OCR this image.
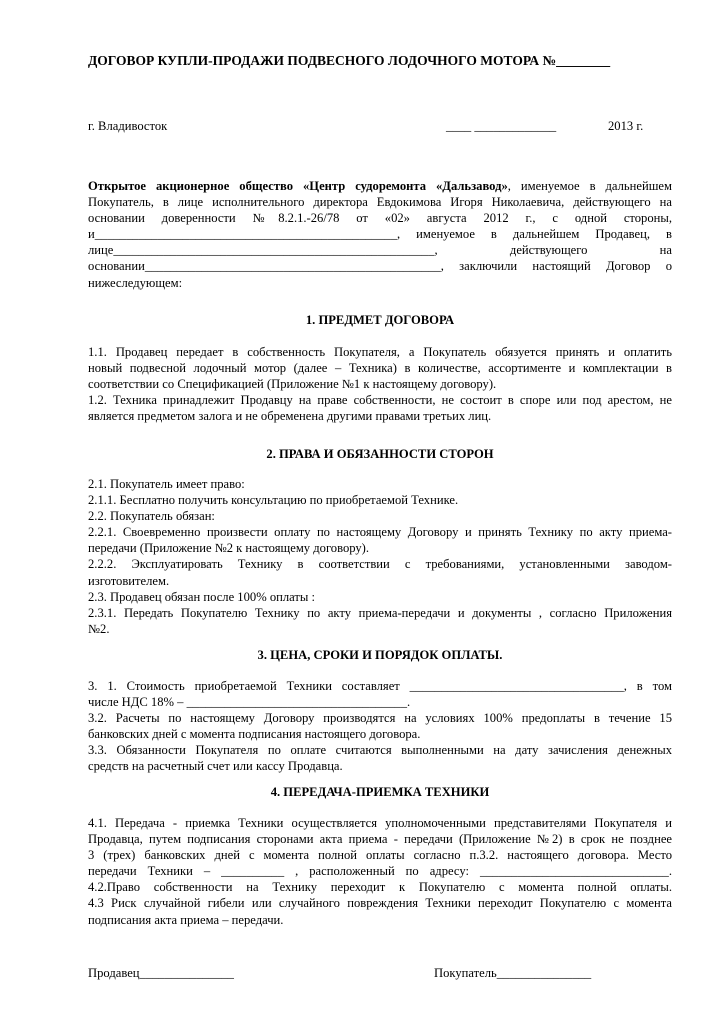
ДОГОВОР КУПЛИ-ПРОДАЖИ ПОДВЕСНОГО ЛОДОЧНОГО МОТОРА №________
г. Владивосток	____ _____________	2013 г.
Открытое акционерное общество «Центр судоремонта «Дальзавод», именуемое в дальнейшем
Покупатель, в лице исполнительного директора Евдокимова Игоря Николаевича, действующего на
основании доверенности №8.2.1.-26/78 от «02» августа 2012 г., с одной стороны,
и________________________________________________, именуемое в дальнейшем Продавец, в
лице___________________________________________________, действующего на
основании_______________________________________________, заключили настоящий Договор о
нижеследующем:
1. ПРЕДМЕТ ДОГОВОРА
1.1. Продавец передает в собственность Покупателя, а Покупатель обязуется принять и оплатить
новый подвесной лодочный мотор (далее – Техника) в количестве, ассортименте и комплектации в
соответствии со Спецификацией (Приложение №1 к настоящему договору).
1.2. Техника принадлежит Продавцу на праве собственности, не состоит в споре или под арестом, не
является предметом залога и не обременена другими правами третьих лиц.
2. ПРАВА И ОБЯЗАННОСТИ СТОРОН
2.1. Покупатель имеет право:
2.1.1. Бесплатно получить консультацию по приобретаемой Технике.
2.2. Покупатель обязан:
2.2.1. Своевременно произвести оплату по настоящему Договору и принять Технику по акту приема-
передачи (Приложение №2 к настоящему договору).
2.2.2. Эксплуатировать Технику в соответствии с требованиями, установленными заводом-
изготовителем.
2.3. Продавец обязан после 100% оплаты :
2.3.1. Передать Покупателю Технику по акту приема-передачи и документы , согласно Приложения
№2.
3. ЦЕНА, СРОКИ И ПОРЯДОК ОПЛАТЫ.
3. 1. Стоимость приобретаемой Техники составляет __________________________________, в том
числе НДС 18% – ___________________________________.
3.2. Расчеты по настоящему Договору производятся на условиях 100% предоплаты в течение 15
банковских дней с момента подписания настоящего договора.
3.3. Обязанности Покупателя по оплате считаются выполненными на дату зачисления денежных
средств на расчетный счет или кассу Продавца.
4. ПЕРЕДАЧА-ПРИЕМКА ТЕХНИКИ
4.1. Передача - приемка Техники осуществляется уполномоченными представителями Покупателя и
Продавца, путем подписания сторонами акта приема - передачи (Приложение №2) в срок не позднее
3 (трех) банковских дней с момента полной оплаты согласно п.3.2. настоящего договора. Место
передачи Техники – __________ , расположенный по адресу: ______________________________.
4.2.Право собственности на Технику переходит к Покупателю с момента полной оплаты.
4.3 Риск случайной гибели или случайного повреждения Техники переходит Покупателю с момента
подписания акта приема – передачи.
Продавец_______________	Покупатель_______________
